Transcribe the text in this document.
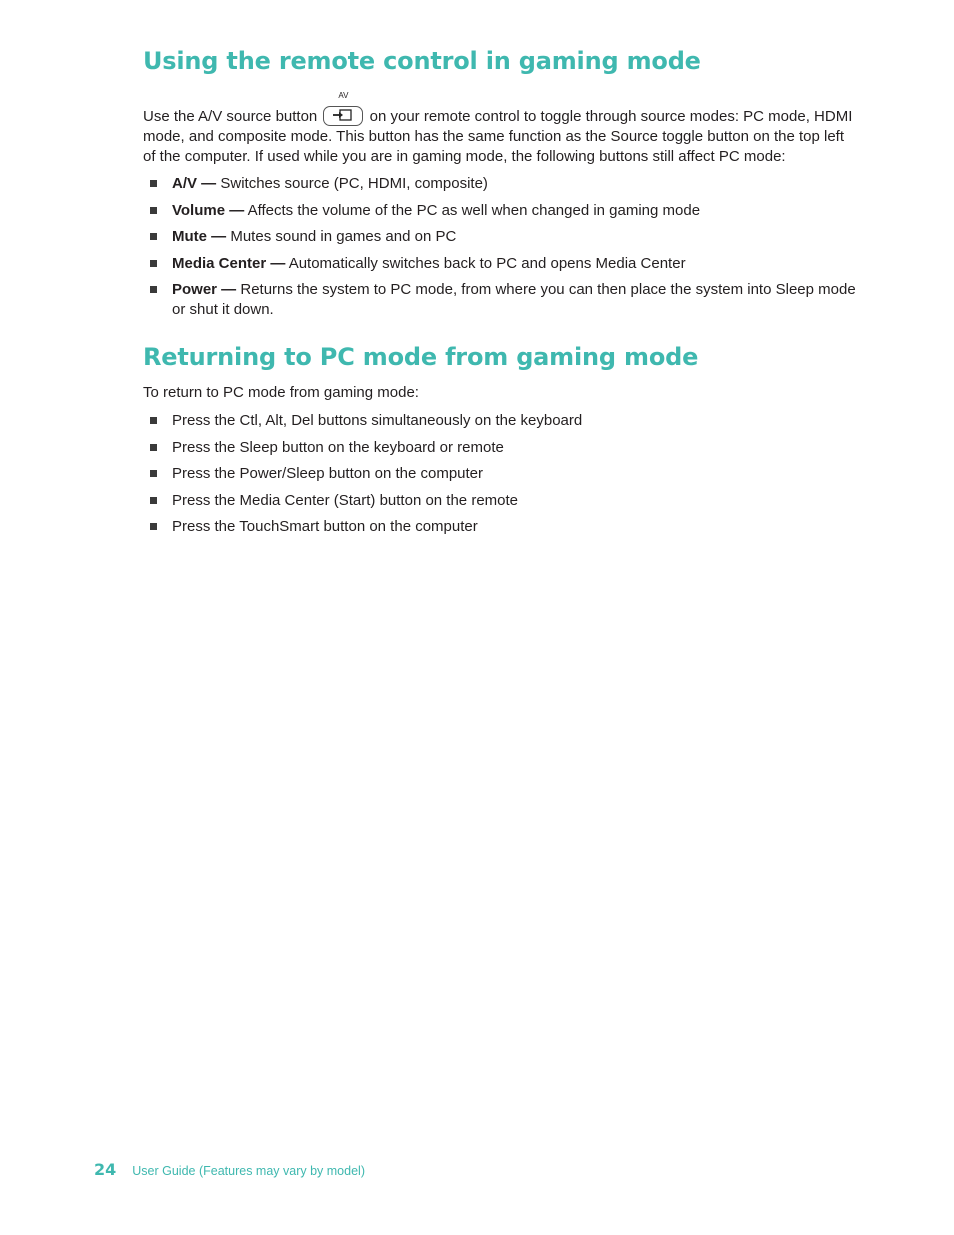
Using the remote control in gaming mode

Use the A/V source button
AV
on your remote control to toggle through source modes: PC mode, HDMI mode, and composite mode. This button has the same function as the Source toggle button on the top left of the computer. If used while you are in gaming mode, the following buttons still affect PC mode:

A/V — Switches source (PC, HDMI, composite)
Volume — Affects the volume of the PC as well when changed in gaming mode
Mute — Mutes sound in games and on PC
Media Center — Automatically switches back to PC and opens Media Center
Power — Returns the system to PC mode, from where you can then place the system into Sleep mode or shut it down.
Returning to PC mode from gaming mode

To return to PC mode from gaming mode:

Press the Ctl, Alt, Del buttons simultaneously on the keyboard
Press the Sleep button on the keyboard or remote
Press the Power/Sleep button on the computer
Press the Media Center (Start) button on the remote
Press the TouchSmart button on the computer
24 User Guide (Features may vary by model)
